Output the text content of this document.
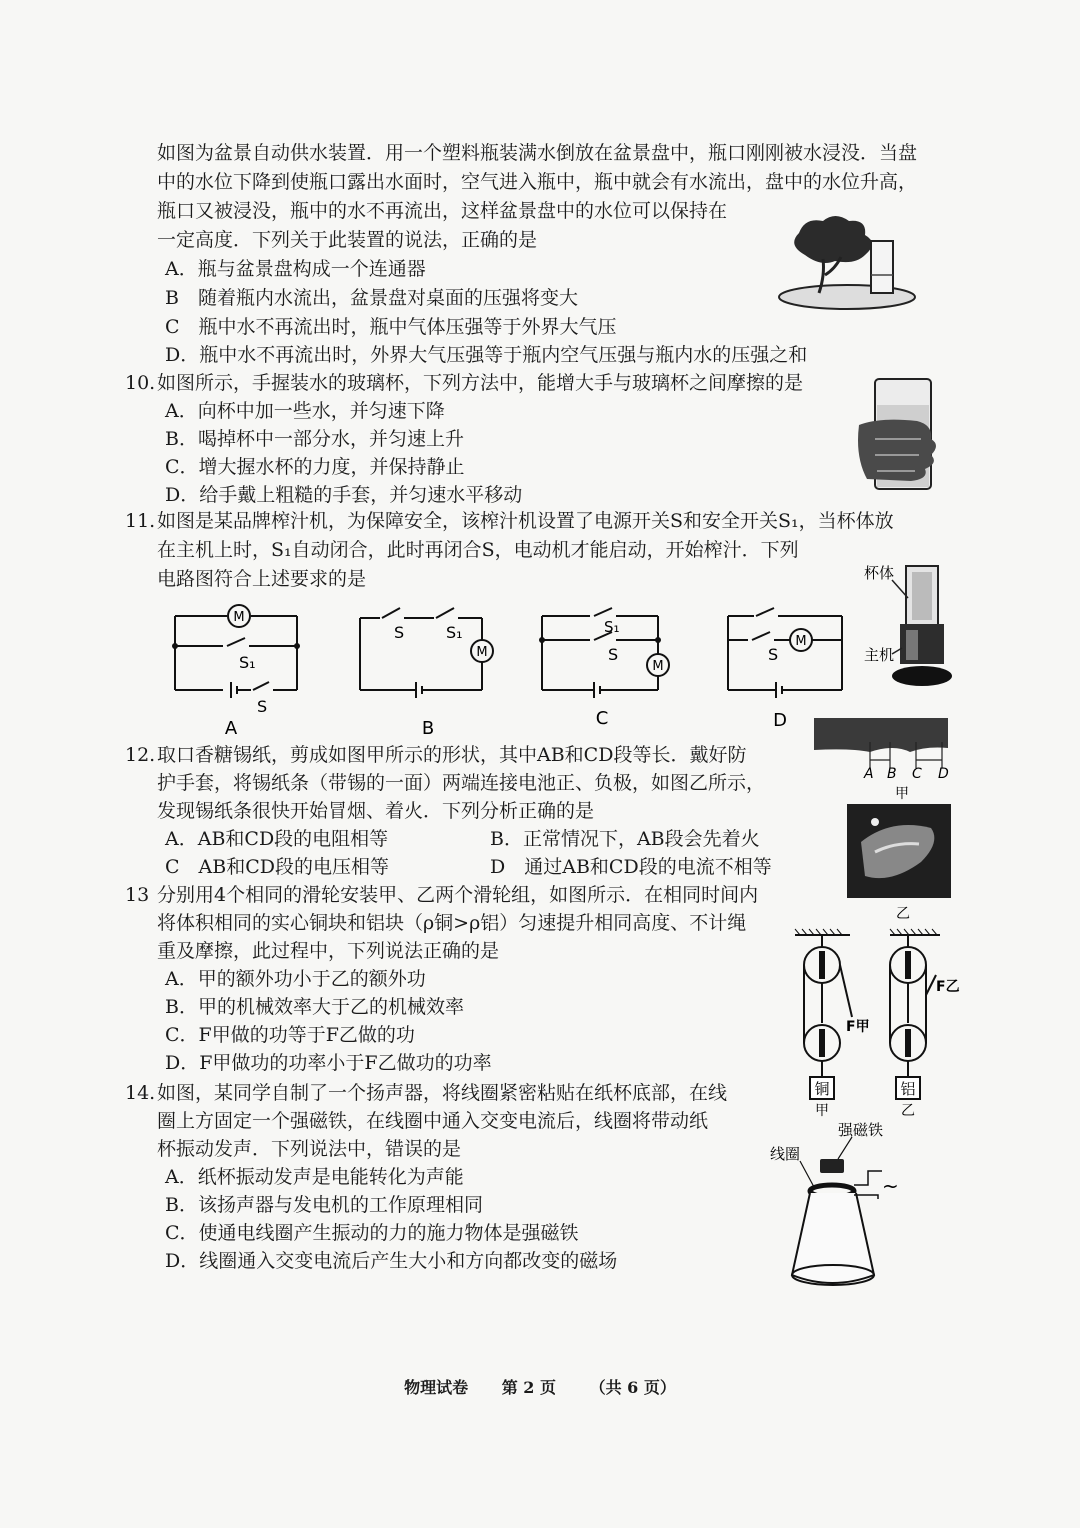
如图为盆景自动供水装置．用一个塑料瓶装满水倒放在盆景盘中，瓶口刚刚被水浸没．当盘
中的水位下降到使瓶口露出水面时，空气进入瓶中，瓶中就会有水流出，盘中的水位升高，
瓶口又被浸没，瓶中的水不再流出，这样盆景盘中的水位可以保持在
一定高度．下列关于此装置的说法，正确的是
A．瓶与盆景盘构成一个连通器
B　随着瓶内水流出，盆景盘对桌面的压强将变大
C　瓶中水不再流出时，瓶中气体压强等于外界大气压
D．瓶中水不再流出时，外界大气压强等于瓶内空气压强与瓶内水的压强之和
10. 如图所示，手握装水的玻璃杯，下列方法中，能增大手与玻璃杯之间摩擦的是
A．向杯中加一些水，并匀速下降
B．喝掉杯中一部分水，并匀速上升
C．增大握水杯的力度，并保持静止
D．给手戴上粗糙的手套，并匀速水平移动
11. 如图是某品牌榨汁机，为保障安全，该榨汁机设置了电源开关S和安全开关S₁，当杯体放
在主机上时，S₁自动闭合，此时再闭合S，电动机才能启动，开始榨汁．下列
电路图符合上述要求的是
M
S₁
S
A
S	S₁
M
B
S₁
S
M
C
S
M
D
杯体
主机
12. 取口香糖锡纸，剪成如图甲所示的形状，其中AB和CD段等长．戴好防
护手套，将锡纸条（带锡的一面）两端连接电池正、负极，如图乙所示，
发现锡纸条很快开始冒烟、着火．下列分析正确的是
A．AB和CD段的电阻相等	B．正常情况下，AB段会先着火
C　AB和CD段的电压相等	D　通过AB和CD段的电流不相等
A B C D
甲
乙
13 分别用4个相同的滑轮安装甲、乙两个滑轮组，如图所示．在相同时间内
将体积相同的实心铜块和铝块（ρ铜>ρ铝）匀速提升相同高度、不计绳
重及摩擦，此过程中，下列说法正确的是
A．甲的额外功小于乙的额外功
B．甲的机械效率大于乙的机械效率
C．F甲做的功等于F乙做的功
D．F甲做功的功率小于F乙做功的功率
铜	铝
F甲
F乙
甲	乙
14. 如图，某同学自制了一个扬声器，将线圈紧密粘贴在纸杯底部，在线
圈上方固定一个强磁铁，在线圈中通入交变电流后，线圈将带动纸
杯振动发声．下列说法中，错误的是
A．纸杯振动发声是电能转化为声能
B．该扬声器与发电机的工作原理相同
C．使通电线圈产生振动的力的施力物体是强磁铁
D．线圈通入交变电流后产生大小和方向都改变的磁场
强磁铁
线圈
~
物理试卷 第 2 页 （共 6 页）
